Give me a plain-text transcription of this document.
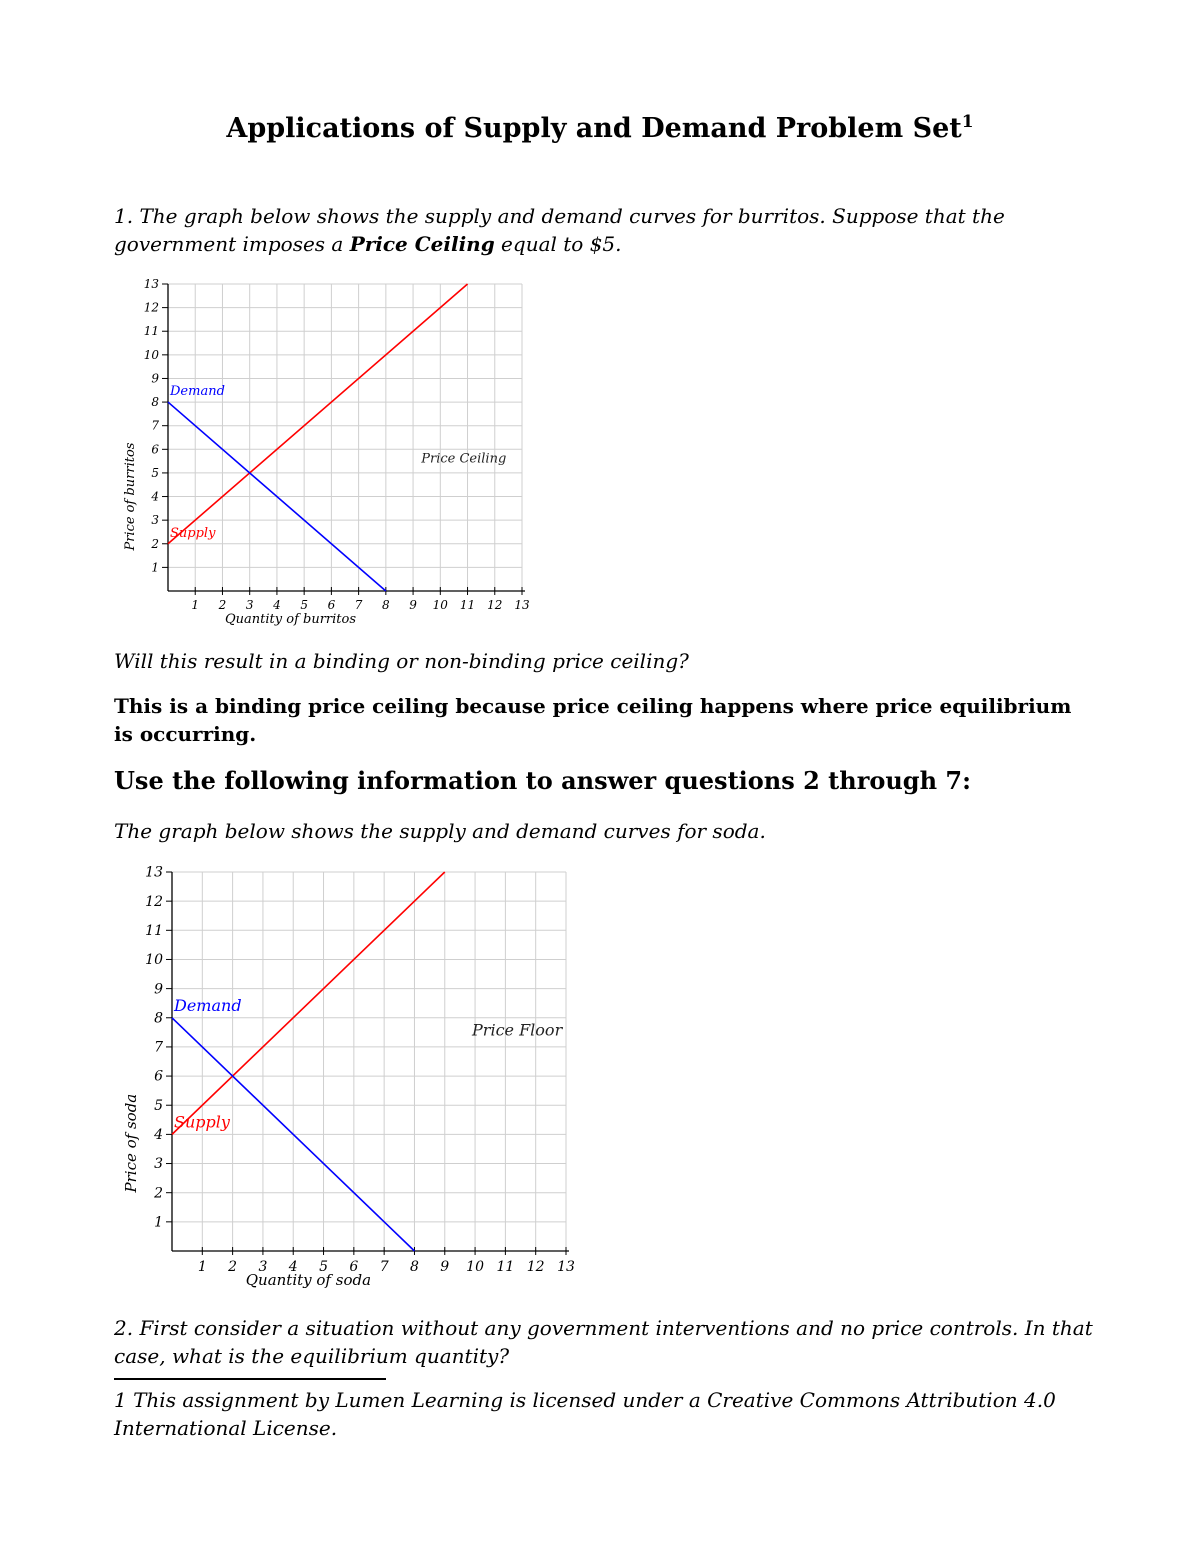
Applications of Supply and Demand Problem Set$^1$

1. The graph below shows the supply and demand curves for burritos. Suppose that the government imposes a Price Ceiling equal to $5.

1 2 3 4 5 6 7 8 9 10 11 12 13
1
2
3
4
5
6
7
8
9
10
11
12
13
Quantity of burritos
Price of burritos Supply
Demand
Price Ceiling

Will this result in a binding or non-binding price ceiling?

This is a binding price ceiling because price ceiling happens where price equilibrium is occurring.

Use the following information to answer questions 2 through 7:

The graph below shows the supply and demand curves for soda.

1 2 3 4 5 6 7 8 9 10 11 12 13
1
2
3
4
5
6
7
8
9
10
11
12
13
Quantity of soda
Price of soda Supply
Demand
Price Floor

2. First consider a situation without any government interventions and no price controls. In that case, what is the equilibrium quantity?

1 This assignment by Lumen Learning is licensed under a Creative Commons Attribution 4.0 International License.
